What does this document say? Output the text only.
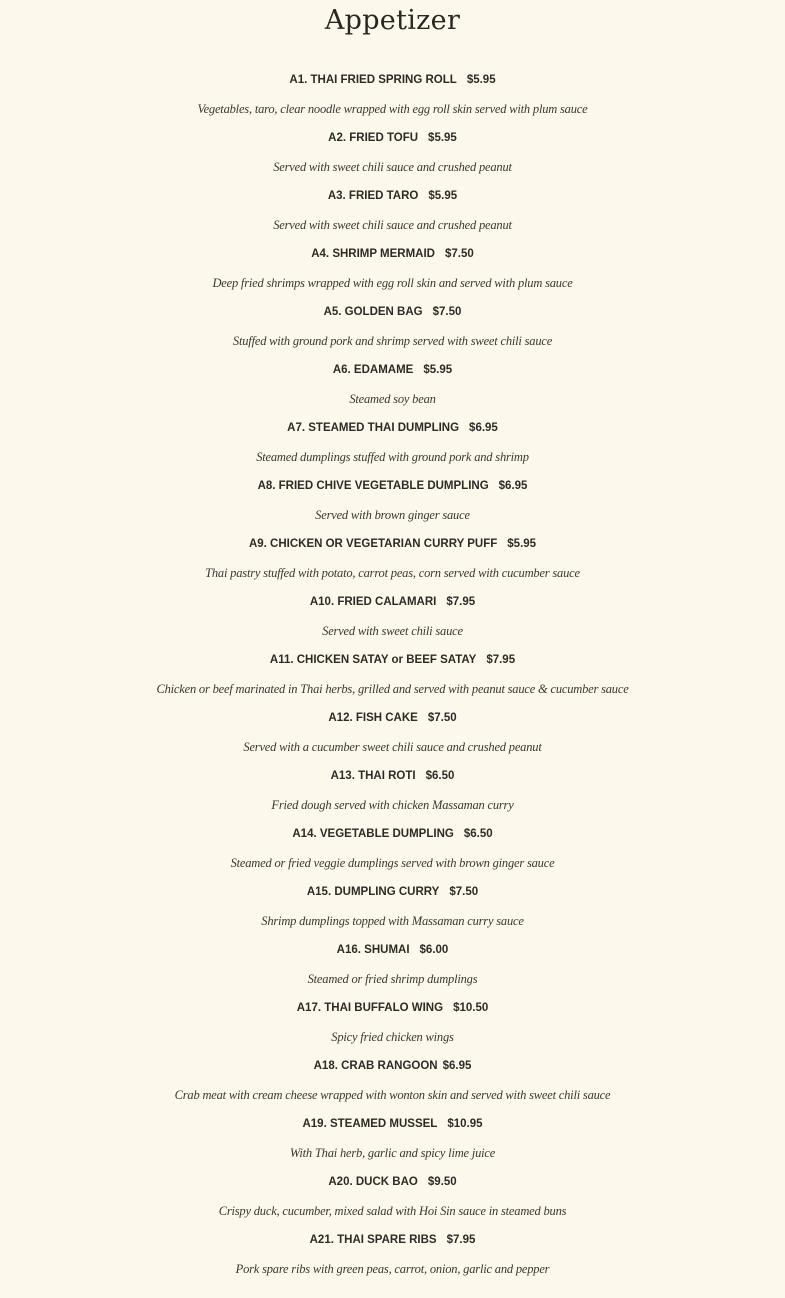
Appetizer
A1. THAI FRIED SPRING ROLL $5.95
Vegetables, taro, clear noodle wrapped with egg roll skin served with plum sauce
A2. FRIED TOFU $5.95
Served with sweet chili sauce and crushed peanut
A3. FRIED TARO $5.95
Served with sweet chili sauce and crushed peanut
A4. SHRIMP MERMAID $7.50
Deep fried shrimps wrapped with egg roll skin and served with plum sauce
A5. GOLDEN BAG $7.50
Stuffed with ground pork and shrimp served with sweet chili sauce
A6. EDAMAME $5.95
Steamed soy bean
A7. STEAMED THAI DUMPLING $6.95
Steamed dumplings stuffed with ground pork and shrimp
A8. FRIED CHIVE VEGETABLE DUMPLING $6.95
Served with brown ginger sauce
A9. CHICKEN OR VEGETARIAN CURRY PUFF $5.95
Thai pastry stuffed with potato, carrot peas, corn served with cucumber sauce
A10. FRIED CALAMARI $7.95
Served with sweet chili sauce
A11. CHICKEN SATAY or BEEF SATAY $7.95
Chicken or beef marinated in Thai herbs, grilled and served with peanut sauce & cucumber sauce
A12. FISH CAKE $7.50
Served with a cucumber sweet chili sauce and crushed peanut
A13. THAI ROTI $6.50
Fried dough served with chicken Massaman curry
A14. VEGETABLE DUMPLING $6.50
Steamed or fried veggie dumplings served with brown ginger sauce
A15. DUMPLING CURRY $7.50
Shrimp dumplings topped with Massaman curry sauce
A16. SHUMAI $6.00
Steamed or fried shrimp dumplings
A17. THAI BUFFALO WING $10.50
Spicy fried chicken wings
A18. CRAB RANGOON $6.95
Crab meat with cream cheese wrapped with wonton skin and served with sweet chili sauce
A19. STEAMED MUSSEL $10.95
With Thai herb, garlic and spicy lime juice
A20. DUCK BAO $9.50
Crispy duck, cucumber, mixed salad with Hoi Sin sauce in steamed buns
A21. THAI SPARE RIBS $7.95
Pork spare ribs with green peas, carrot, onion, garlic and pepper
